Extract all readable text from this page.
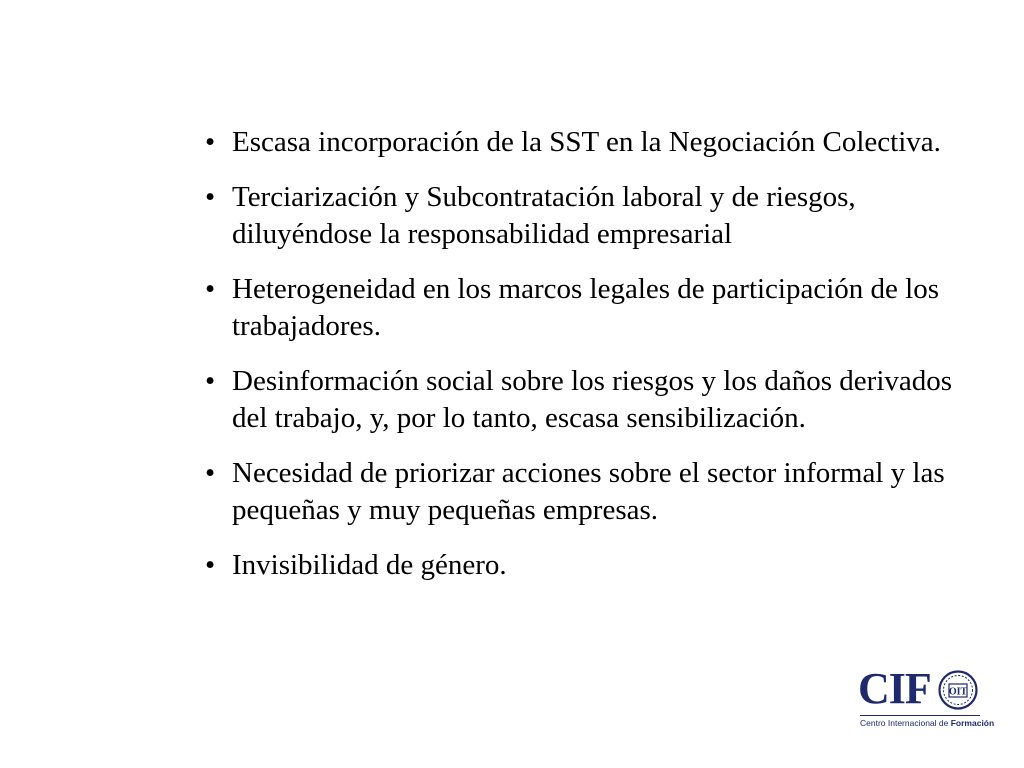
• Escasa incorporación de la SST en la Negociación Colectiva.
• Terciarización y Subcontratación laboral y de riesgos, diluyéndose la responsabilidad empresarial
• Heterogeneidad en los marcos legales de participación de los trabajadores.
• Desinformación social sobre los riesgos y los daños derivados del trabajo, y, por lo tanto, escasa sensibilización.
• Necesidad de priorizar acciones sobre el sector informal y las pequeñas y muy pequeñas empresas.
• Invisibilidad de género.
CIF OIT
Centro Internacional de Formación
